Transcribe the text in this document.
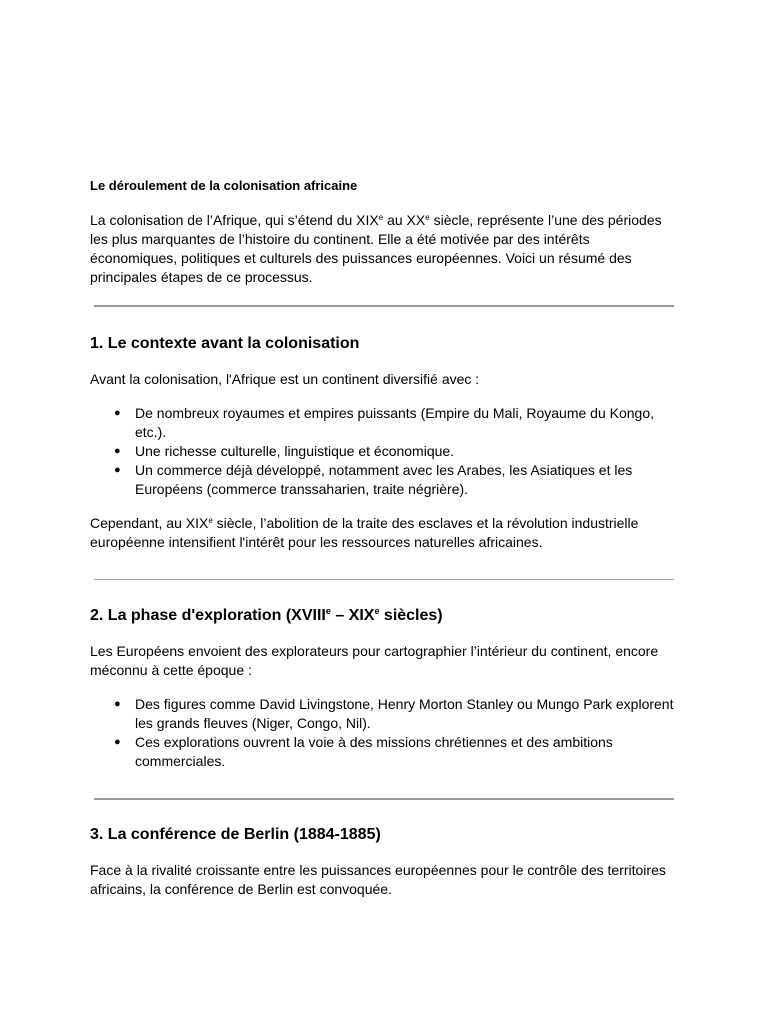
Le déroulement de la colonisation africaine

La colonisation de l’Afrique, qui s’étend du XIXe au XXe siècle, représente l’une des périodes les plus marquantes de l’histoire du continent. Elle a été motivée par des intérêts économiques, politiques et culturels des puissances européennes. Voici un résumé des principales étapes de ce processus.

1. Le contexte avant la colonisation

Avant la colonisation, l'Afrique est un continent diversifié avec :

● De nombreux royaumes et empires puissants (Empire du Mali, Royaume du Kongo, etc.).
● Une richesse culturelle, linguistique et économique.
● Un commerce déjà développé, notamment avec les Arabes, les Asiatiques et les Européens (commerce transsaharien, traite négrière).

Cependant, au XIXe siècle, l’abolition de la traite des esclaves et la révolution industrielle européenne intensifient l'intérêt pour les ressources naturelles africaines.

2. La phase d'exploration (XVIIIe – XIXe siècles)

Les Européens envoient des explorateurs pour cartographier l’intérieur du continent, encore méconnu à cette époque :

● Des figures comme David Livingstone, Henry Morton Stanley ou Mungo Park explorent les grands fleuves (Niger, Congo, Nil).
● Ces explorations ouvrent la voie à des missions chrétiennes et des ambitions commerciales.
3. La conférence de Berlin (1884-1885)

Face à la rivalité croissante entre les puissances européennes pour le contrôle des territoires africains, la conférence de Berlin est convoquée.
